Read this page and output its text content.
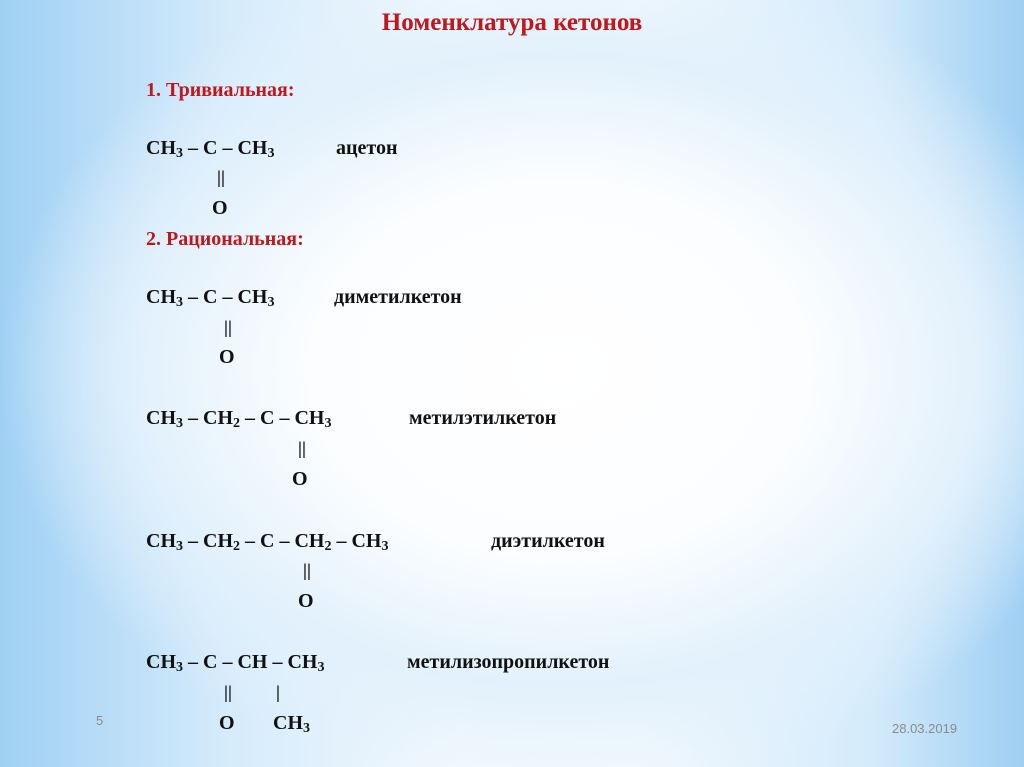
Номенклатура кетонов

1. Тривиальная:

$CH_3$ – C – $CH_3$	ацетон
||
O

2. Рациональная:

$CH_3$ – C – $CH_3$	диметилкетон
||
O
$CH_3 - CH_2$ – C – $CH_3$	метилэтилкетон
||
O
$CH_3 - CH_2$ – C – $CH_2 - CH_3$	диэтилкетон
||
O
$CH_3$ – C – CH – $CH_3$	метилизопропилкетон
|| |
O $CH_3$
5
28.03.2019
